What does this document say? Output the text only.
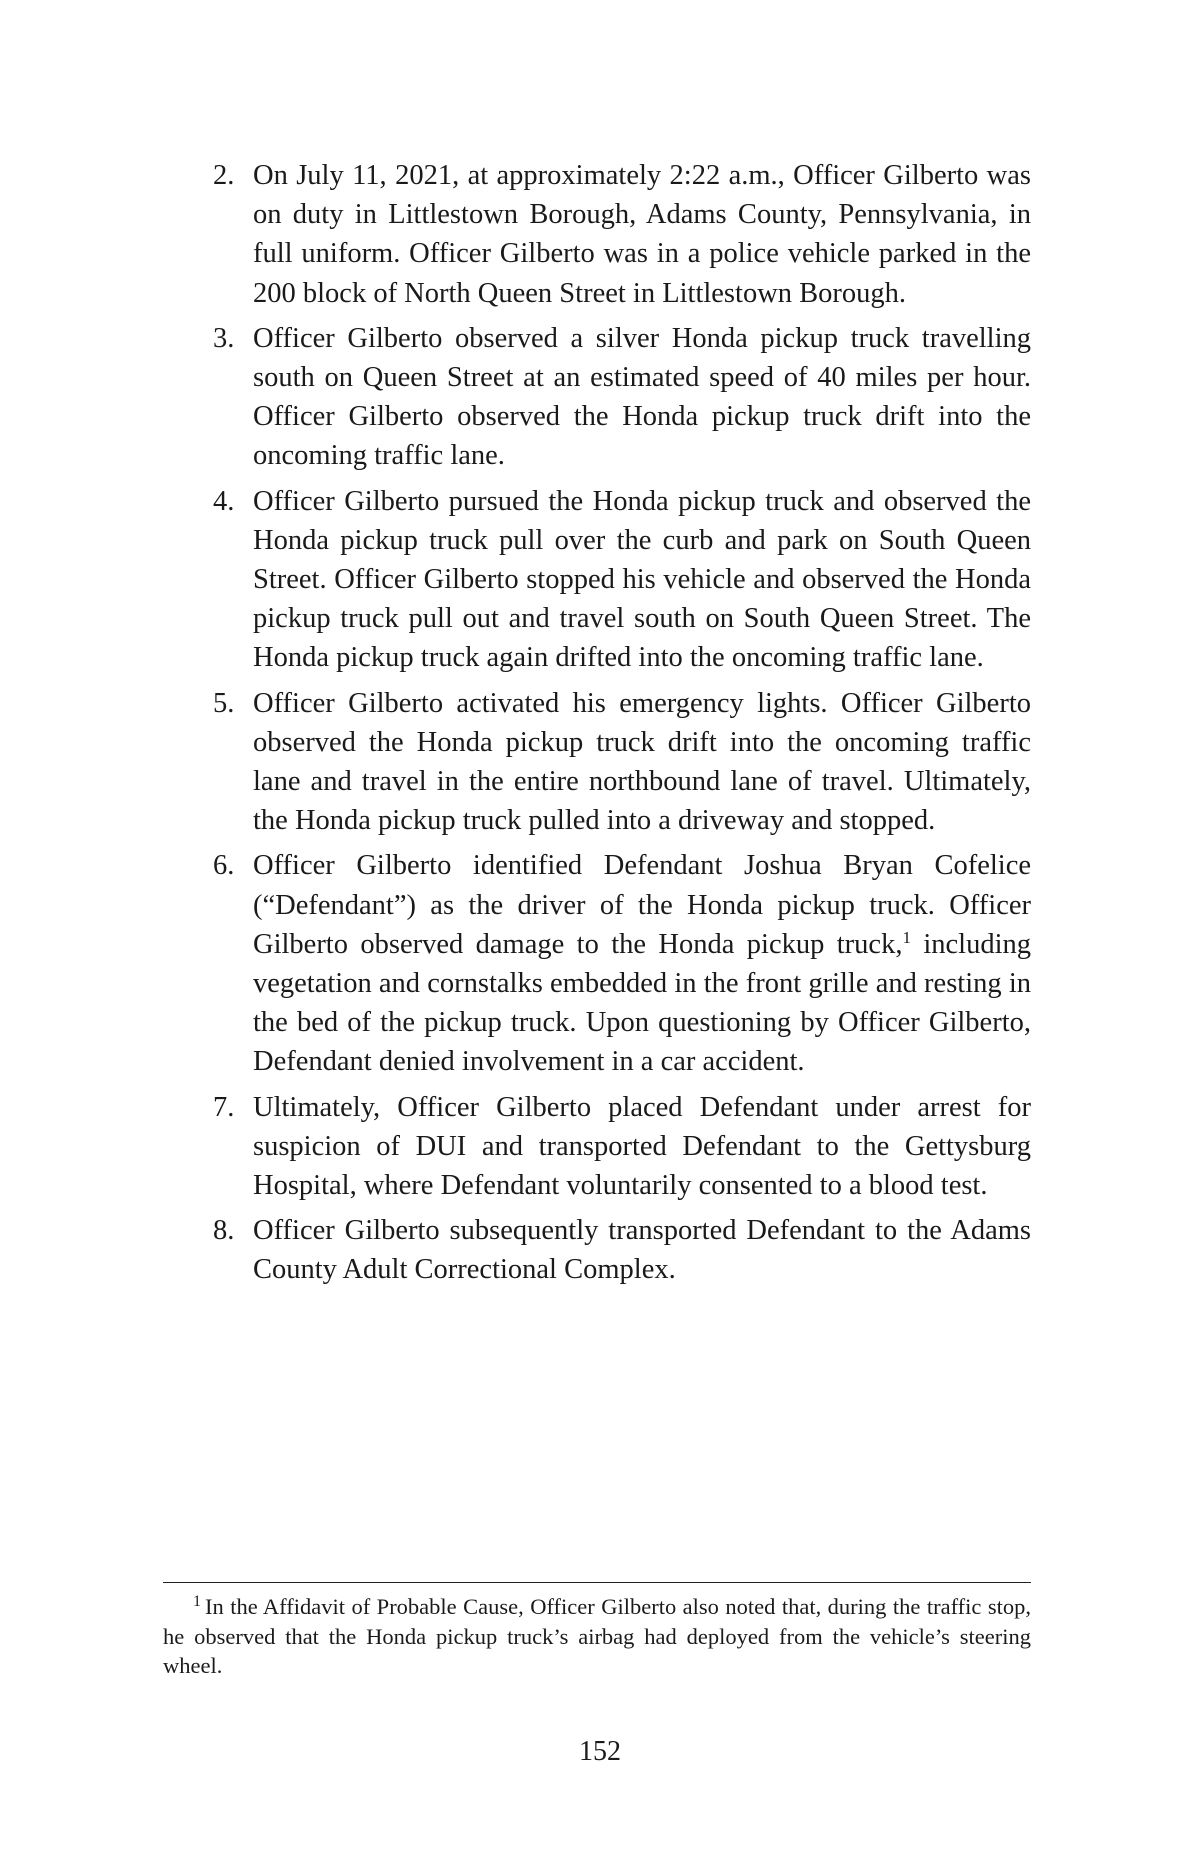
2. On July 11, 2021, at approximately 2:22 a.m., Officer Gilberto was on duty in Littlestown Borough, Adams County, Pennsylvania, in full uniform. Officer Gilberto was in a police vehicle parked in the 200 block of North Queen Street in Littlestown Borough.
3. Officer Gilberto observed a silver Honda pickup truck travelling south on Queen Street at an estimated speed of 40 miles per hour. Officer Gilberto observed the Honda pickup truck drift into the oncoming traffic lane.
4. Officer Gilberto pursued the Honda pickup truck and observed the Honda pickup truck pull over the curb and park on South Queen Street. Officer Gilberto stopped his vehicle and observed the Honda pickup truck pull out and travel south on South Queen Street. The Honda pickup truck again drifted into the oncoming traffic lane.
5. Officer Gilberto activated his emergency lights. Officer Gilberto observed the Honda pickup truck drift into the oncoming traffic lane and travel in the entire northbound lane of travel. Ultimately, the Honda pickup truck pulled into a driveway and stopped.
6. Officer Gilberto identified Defendant Joshua Bryan Cofelice (“Defendant”) as the driver of the Honda pickup truck. Officer Gilberto observed damage to the Honda pickup truck,$^1$ including vegetation and cornstalks embedded in the front grille and resting in the bed of the pickup truck. Upon questioning by Officer Gilberto, Defendant denied involvement in a car accident.
7. Ultimately, Officer Gilberto placed Defendant under arrest for suspicion of DUI and transported Defendant to the Gettysburg Hospital, where Defendant voluntarily consented to a blood test.
8. Officer Gilberto subsequently transported Defendant to the Adams County Adult Correctional Complex.

$^1$ In the Affidavit of Probable Cause, Officer Gilberto also noted that, during the traffic stop, he observed that the Honda pickup truck’s airbag had deployed from the vehicle’s steering wheel.

152
